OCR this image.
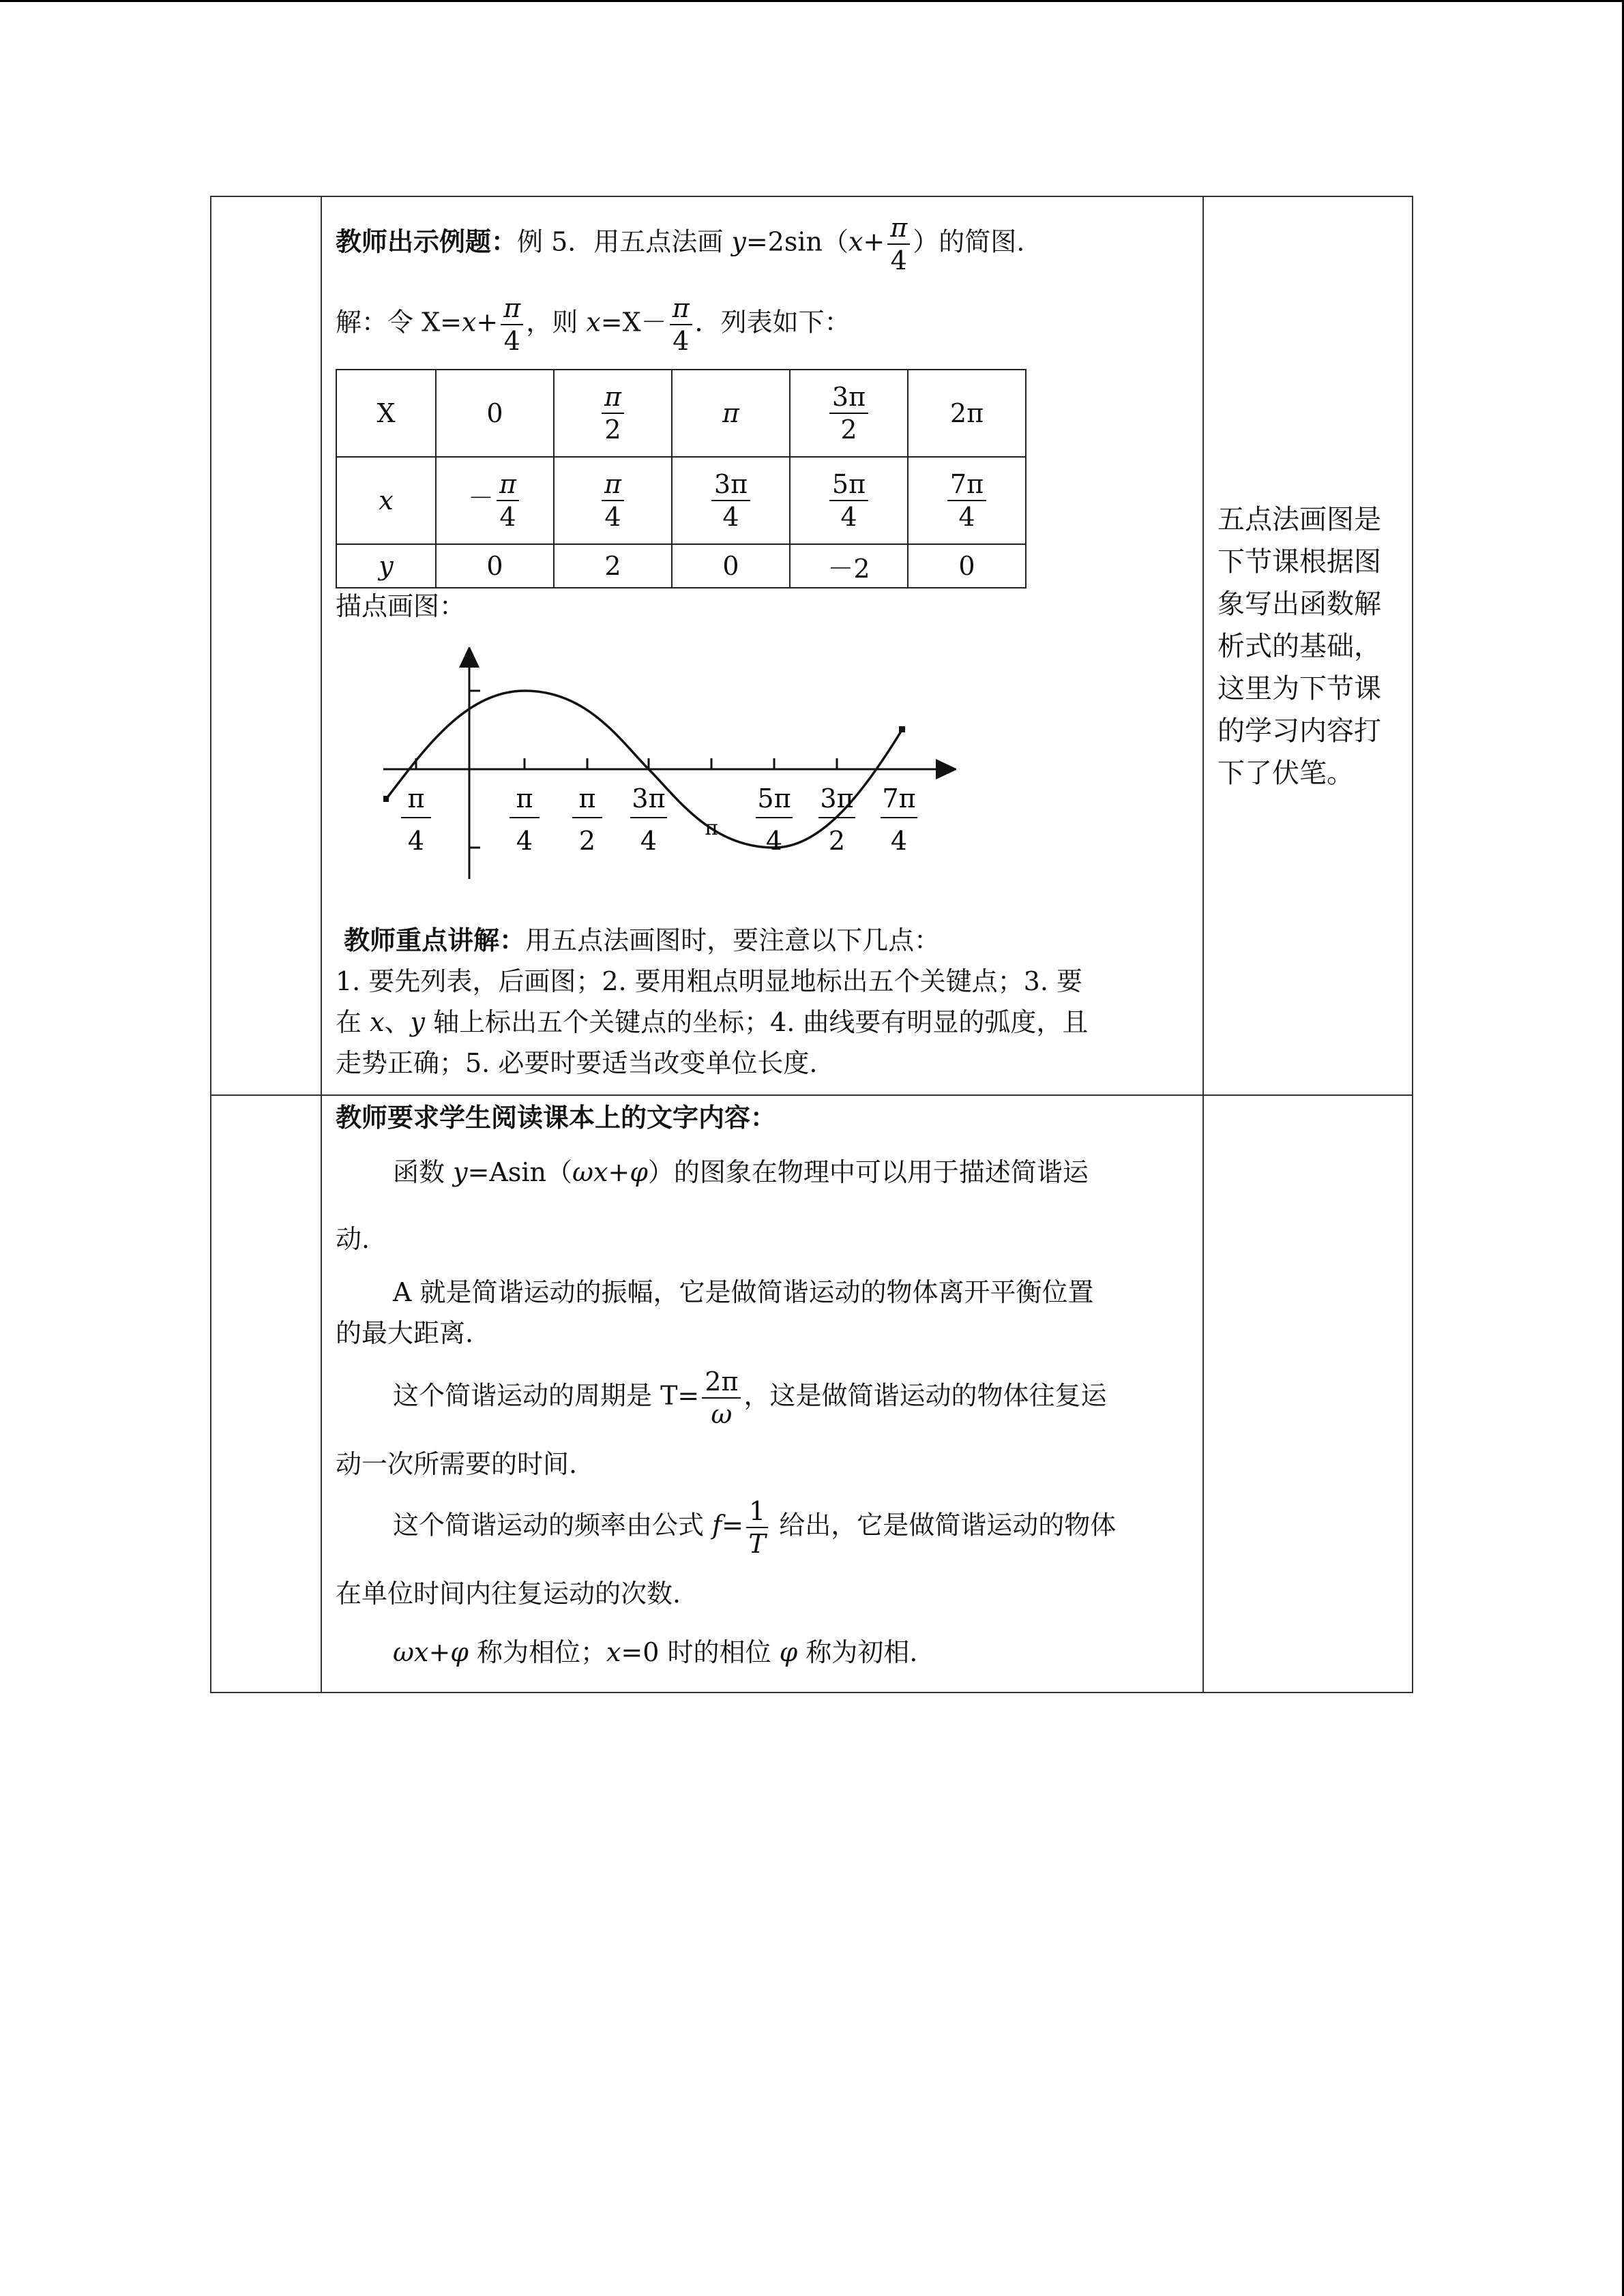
教师出示例题：例 5．用五点法画 $y=2\sin(x+ \frac{\pi}{4}$ ）的简图.
解：令 $X=x+ \frac{\pi}{4}$ ，则 $x=X- \frac{\pi}{4}$ ．列表如下：
X	0	$\frac{\pi}{2}$	π	$\frac{3\pi}{2}$	2π
x	－ $\frac{\pi}{4}$	$\frac{\pi}{4}$	$\frac{3\pi}{4}$	$\frac{5\pi}{4}$	$\frac{7\pi}{4}$

y	0	2	0	－2	0
描点画图：
π
4
π
4
π
2
3π
4 π
5π
4
3π
2
7π
4
教师重点讲解：用五点法画图时，要注意以下几点：
1. 要先列表，后画图；2. 要用粗点明显地标出五个关键点；3. 要
在 x、y 轴上标出五个关键点的坐标；4. 曲线要有明显的弧度，且
走势正确；5. 必要时要适当改变单位长度.

五点法画图是下节课根据图象写出函数解析式的基础，这里为下节课的学习内容打下了伏笔。

教师要求学生阅读课本上的文字内容：
函数 y=Asin（ωx+φ）的图象在物理中可以用于描述简谐运
动.
A 就是简谐运动的振幅，它是做简谐运动的物体离开平衡位置
的最大距离.
这个简谐运动的周期是 $T= \frac{2\pi}{\omega}$ ，这是做简谐运动的物体往复运
动一次所需要的时间.
这个简谐运动的频率由公式 $f= \frac{1}{T}$ 给出，它是做简谐运动的物体
在单位时间内往复运动的次数.
ωx+φ 称为相位；x=0 时的相位 φ 称为初相.
